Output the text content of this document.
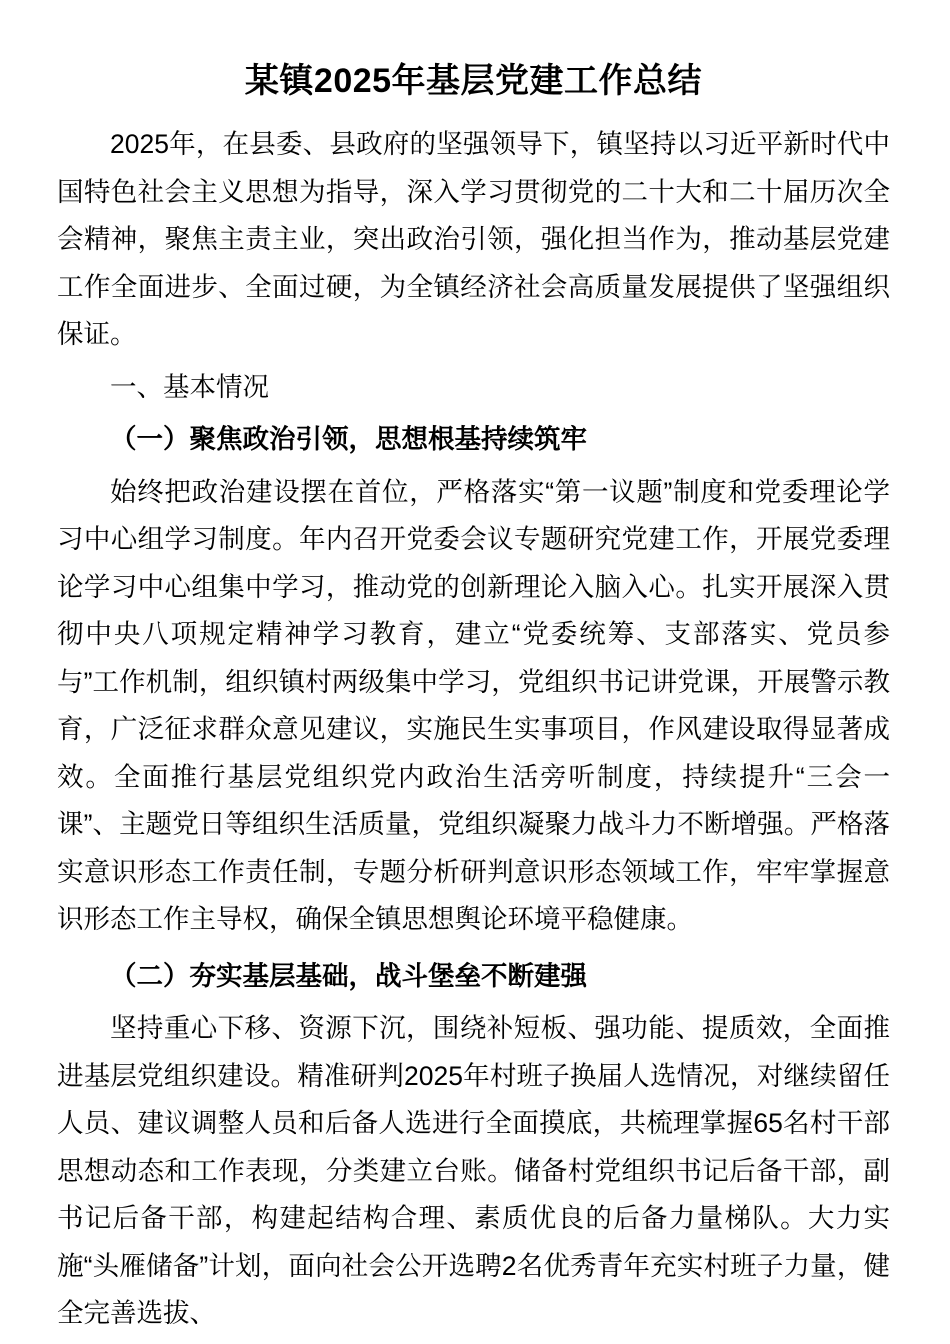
某镇2025年基层党建工作总结

2025年，在县委、县政府的坚强领导下，镇坚持以习近平新时代中国特色社会主义思想为指导，深入学习贯彻党的二十大和二十届历次全会精神，聚焦主责主业，突出政治引领，强化担当作为，推动基层党建工作全面进步、全面过硬，为全镇经济社会高质量发展提供了坚强组织保证。

一、基本情况
（一）聚焦政治引领，思想根基持续筑牢

始终把政治建设摆在首位，严格落实“第一议题”制度和党委理论学习中心组学习制度。年内召开党委会议专题研究党建工作，开展党委理论学习中心组集中学习，推动党的创新理论入脑入心。扎实开展深入贯彻中央八项规定精神学习教育，建立“党委统筹、支部落实、党员参与”工作机制，组织镇村两级集中学习，党组织书记讲党课，开展警示教育，广泛征求群众意见建议，实施民生实事项目，作风建设取得显著成效。全面推行基层党组织党内政治生活旁听制度，持续提升“三会一课”、主题党日等组织生活质量，党组织凝聚力战斗力不断增强。严格落实意识形态工作责任制，专题分析研判意识形态领域工作，牢牢掌握意识形态工作主导权，确保全镇思想舆论环境平稳健康。

（二）夯实基层基础，战斗堡垒不断建强

坚持重心下移、资源下沉，围绕补短板、强功能、提质效，全面推进基层党组织建设。精准研判2025年村班子换届人选情况，对继续留任人员、建议调整人员和后备人选进行全面摸底，共梳理掌握65名村干部思想动态和工作表现，分类建立台账。储备村党组织书记后备干部，副书记后备干部，构建起结构合理、素质优良的后备力量梯队。大力实施“头雁储备”计划，面向社会公开选聘2名优秀青年充实村班子力量，健全完善选拔、
